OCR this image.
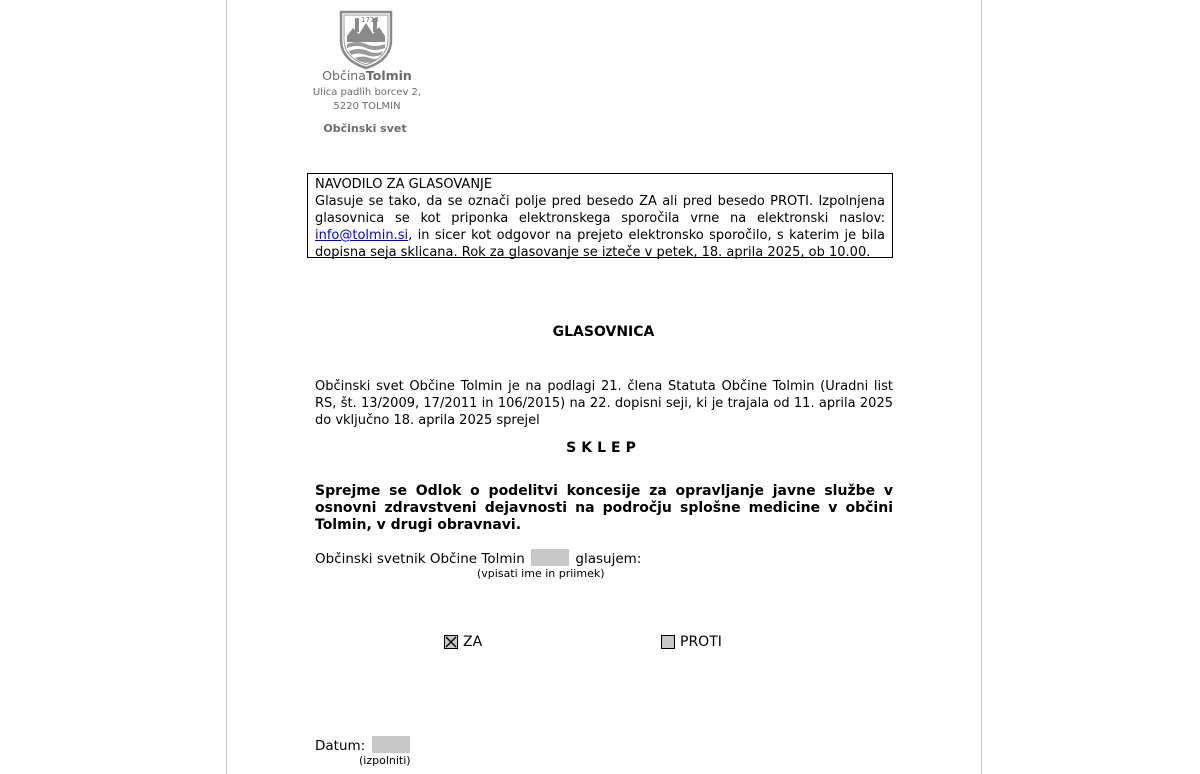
1713
ObčinaTolmin
Ulica padlih borcev 2,
5220 TOLMIN
Občinski svet
NAVODILO ZA GLASOVANJE
Glasuje se tako, da se označi polje pred besedo ZA ali pred besedo PROTI. Izpolnjena glasovnica se kot priponka elektronskega sporočila vrne na elektronski naslov: info@tolmin.si, in sicer kot odgovor na prejeto elektronsko sporočilo, s katerim je bila dopisna seja sklicana. Rok za glasovanje se izteče v petek, 18. aprila 2025, ob 10.00.
GLASOVNICA
Občinski svet Občine Tolmin je na podlagi 21. člena Statuta Občine Tolmin (Uradni list RS, št. 13/2009, 17/2011 in 106/2015) na 22. dopisni seji, ki je trajala od 11. aprila 2025 do vključno 18. aprila 2025 sprejel
SKLEP
Sprejme se Odlok o podelitvi koncesije za opravljanje javne službe v osnovni zdravstveni dejavnosti na področju splošne medicine v občini Tolmin, v drugi obravnavi.
Občinski svetnik Občine Tolmin	glasujem:
(vpisati ime in priimek)
ZA	PROTI
Datum:
(izpolniti)
